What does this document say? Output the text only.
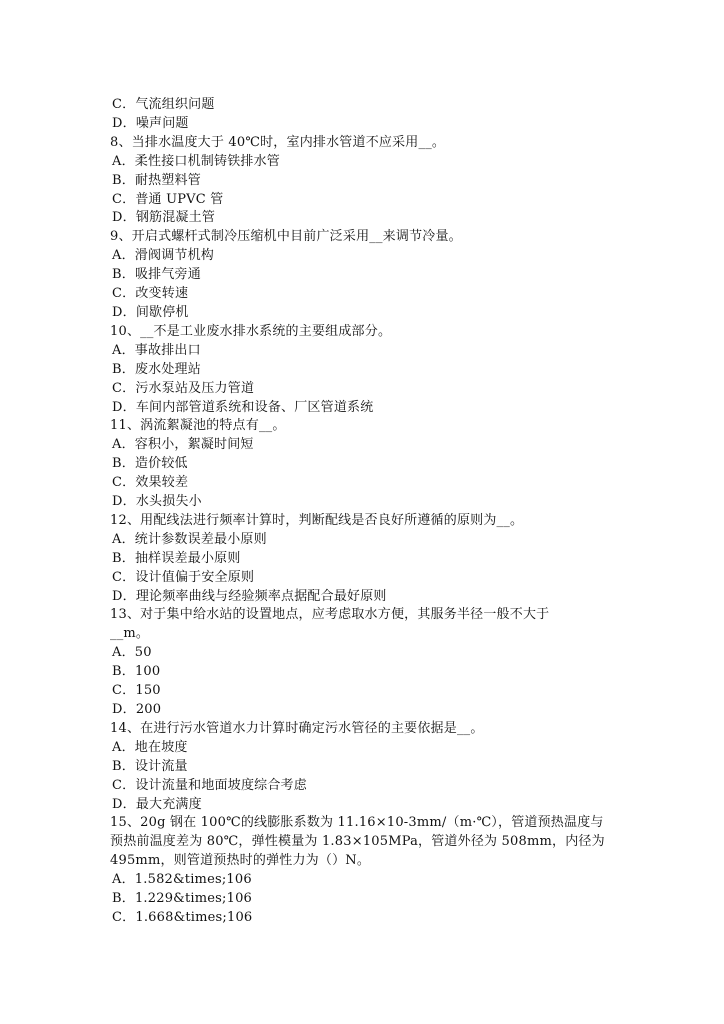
C．气流组织问题
D．噪声问题
8、当排水温度大于 40℃时，室内排水管道不应采用__。
A．柔性接口机制铸铁排水管
B．耐热塑料管
C．普通 UPVC 管
D．钢筋混凝土管
9、开启式螺杆式制冷压缩机中目前广泛采用__来调节冷量。
A．滑阀调节机构
B．吸排气旁通
C．改变转速
D．间歇停机
10、__不是工业废水排水系统的主要组成部分。
A．事故排出口
B．废水处理站
C．污水泵站及压力管道
D．车间内部管道系统和设备、厂区管道系统
11、涡流絮凝池的特点有__。
A．容积小，絮凝时间短
B．造价较低
C．效果较差
D．水头损失小
12、用配线法进行频率计算时，判断配线是否良好所遵循的原则为__。
A．统计参数误差最小原则
B．抽样误差最小原则
C．设计值偏于安全原则
D．理论频率曲线与经验频率点据配合最好原则
13、对于集中给水站的设置地点，应考虑取水方便，其服务半径一般不大于
__m。
A．50
B．100
C．150
D．200
14、在进行污水管道水力计算时确定污水管径的主要依据是__。
A．地在坡度
B．设计流量
C．设计流量和地面坡度综合考虑
D．最大充满度
15、20g 钢在 100℃的线膨胀系数为 11.16×10-3mm/（m·℃），管道预热温度与
预热前温度差为 80℃，弹性模量为 1.83×105MPa，管道外径为 508mm，内径为
495mm，则管道预热时的弹性力为（）N。
A．1.582&times;106
B．1.229&times;106
C．1.668&times;106
